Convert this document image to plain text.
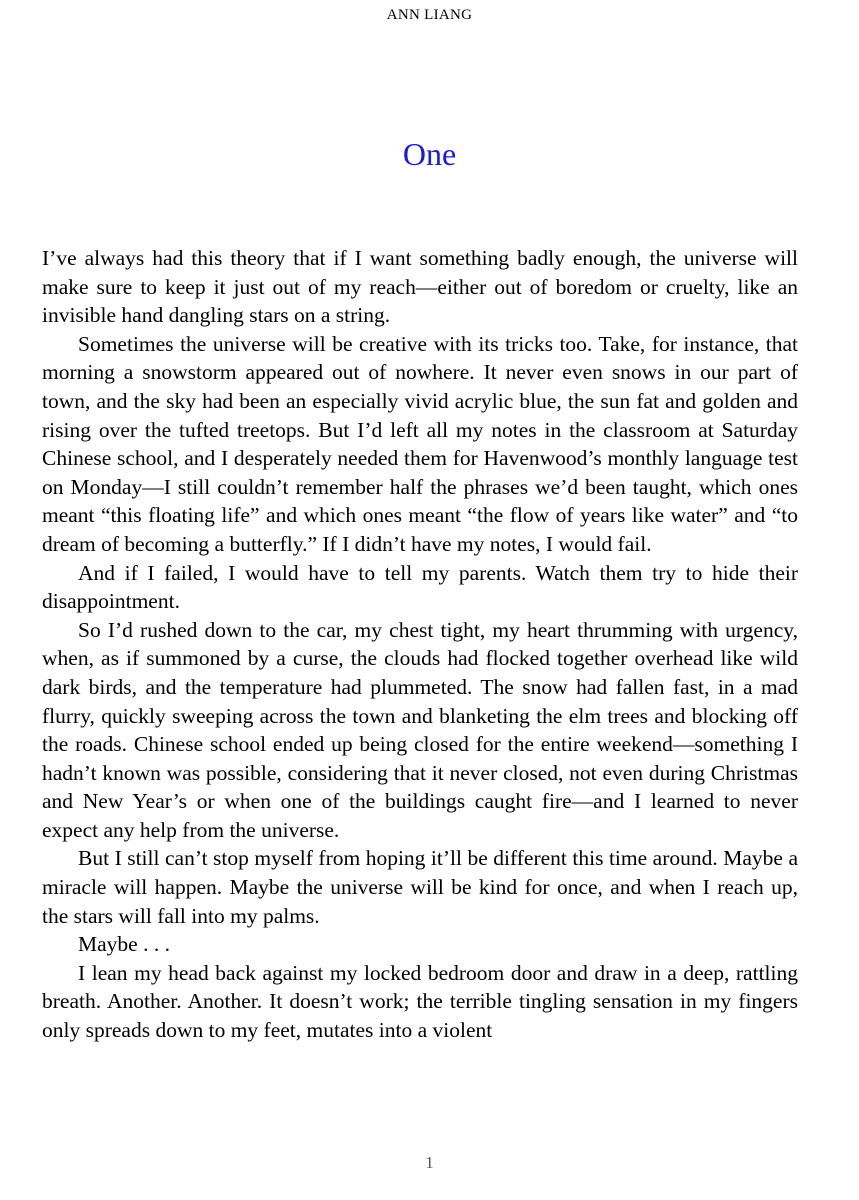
ANN LIANG
One

I’ve always had this theory that if I want something badly enough, the universe will make sure to keep it just out of my reach—either out of boredom or cruelty, like an invisible hand dangling stars on a string.

Sometimes the universe will be creative with its tricks too. Take, for instance, that morning a snowstorm appeared out of nowhere. It never even snows in our part of town, and the sky had been an especially vivid acrylic blue, the sun fat and golden and rising over the tufted treetops. But I’d left all my notes in the classroom at Saturday Chinese school, and I desperately needed them for Havenwood’s monthly language test on Monday—I still couldn’t remember half the phrases we’d been taught, which ones meant “this floating life” and which ones meant “the flow of years like water” and “to dream of becoming a butterfly.” If I didn’t have my notes, I would fail.

And if I failed, I would have to tell my parents. Watch them try to hide their disappointment.

So I’d rushed down to the car, my chest tight, my heart thrumming with urgency, when, as if summoned by a curse, the clouds had flocked together overhead like wild dark birds, and the temperature had plummeted. The snow had fallen fast, in a mad flurry, quickly sweeping across the town and blanketing the elm trees and blocking off the roads. Chinese school ended up being closed for the entire weekend—something I hadn’t known was possible, considering that it never closed, not even during Christmas and New Year’s or when one of the buildings caught fire—and I learned to never expect any help from the universe.

But I still can’t stop myself from hoping it’ll be different this time around. Maybe a miracle will happen. Maybe the universe will be kind for once, and when I reach up, the stars will fall into my palms.

Maybe . . .

I lean my head back against my locked bedroom door and draw in a deep, rattling breath. Another. Another. It doesn’t work; the terrible tingling sensation in my fingers only spreads down to my feet, mutates into a violent

1
